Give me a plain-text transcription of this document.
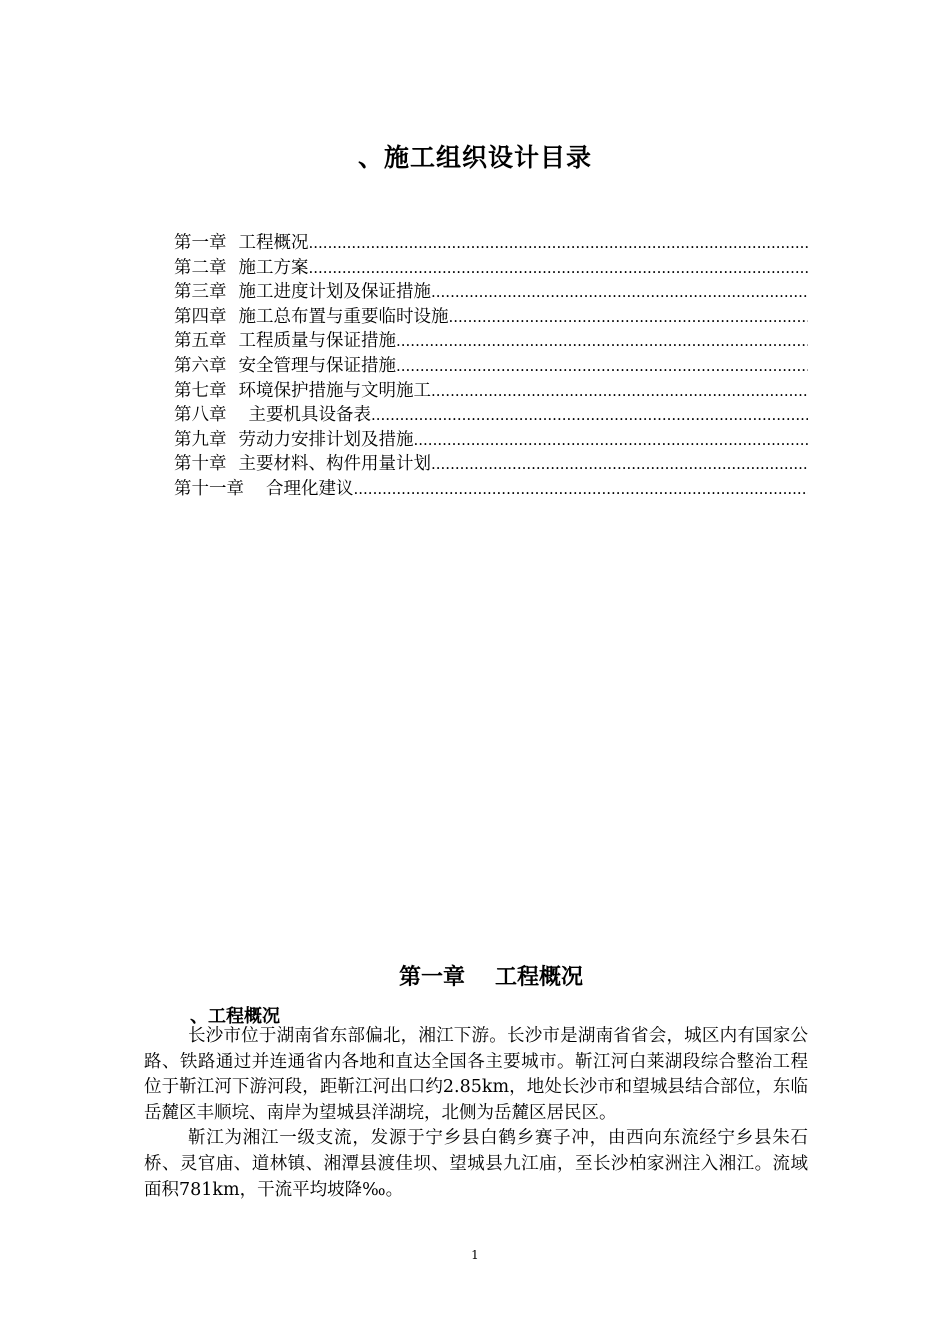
、施工组织设计目录
第一章 工程概况
.....
第二章 施工方案
.....
第三章 施工进度计划及保证措施
.....
第四章 施工总布置与重要临时设施
.....
第五章 工程质量与保证措施
.....
第六章 安全管理与保证措施
.....
第七章 环境保护措施与文明施工
.....
第八章 主要机具设备表
.....
第九章 劳动力安排计划及措施
.....
第十章 主要材料、构件用量计划
.....
第十一章 合理化建议
.....
第一章 工程概况
、工程概况

长沙市位于湖南省东部偏北，湘江下游。长沙市是湖南省省会，城区内有国家公路、铁路通过并连通省内各地和直达全国各主要城市。靳江河白莱湖段综合整治工程位于靳江河下游河段，距靳江河出口约2.85km，地处长沙市和望城县结合部位，东临岳麓区丰顺垸、南岸为望城县洋湖垸，北侧为岳麓区居民区。

靳江为湘江一级支流，发源于宁乡县白鹤乡赛子冲，由西向东流经宁乡县朱石桥、灵官庙、道林镇、湘潭县渡佳坝、望城县九江庙，至长沙柏家洲注入湘江。流域面积781km，干流平均坡降‰。

1
